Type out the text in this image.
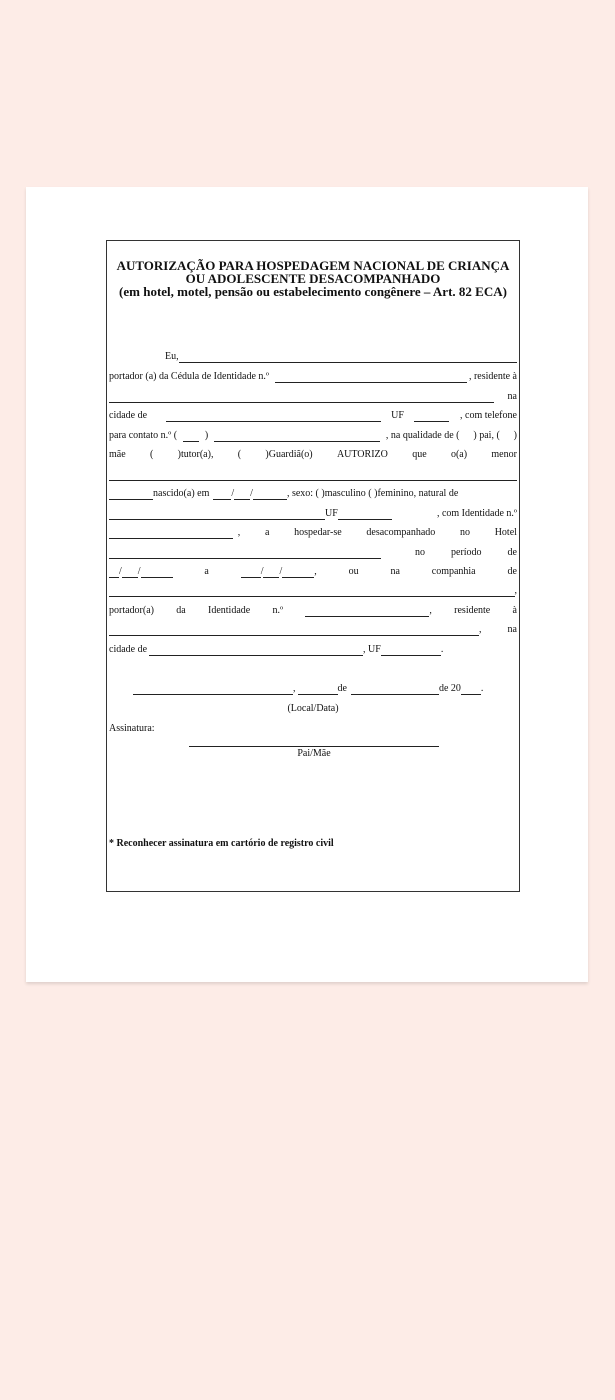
AUTORIZAÇÃO PARA HOSPEDAGEM NACIONAL DE CRIANÇA
OU ADOLESCENTE DESACOMPANHADO
(em hotel, motel, pensão ou estabelecimento congênere – Art. 82 ECA)
Eu,
portador (a) da Cédula de Identidade n.º	, residente à
na
cidade de	UF	, com telefone
para contato n.º (	)	, na qualidade de (	) pai, (	)
mãe ( )tutor(a), ( )Guardiã(o) AUTORIZO que o(a) menor
nascido(a) em / /	, sexo: ( )masculino ( )feminino, natural de
UF	, com Identidade n.º
, a hospedar-se desacompanhado no Hotel
no	período	de
/ /	a	/ /	,	ou	na	companhia	de
,
portador(a) da Identidade n.º	, residente à
,	na
cidade de	, UF	.
,	de	de 20 .
(Local/Data)
Assinatura:
Pai/Mãe
* Reconhecer assinatura em cartório de registro civil
